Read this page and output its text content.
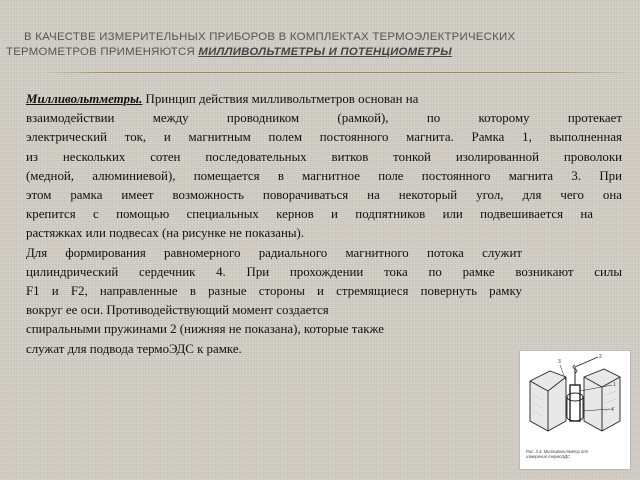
В КАЧЕСТВЕ ИЗМЕРИТЕЛЬНЫХ ПРИБОРОВ В КОМПЛЕКТАХ ТЕРМОЭЛЕКТРИЧЕСКИХ
ТЕРМОМЕТРОВ ПРИМЕНЯЮТСЯ МИЛЛИВОЛЬТМЕТРЫ И ПОТЕНЦИОМЕТРЫ
Милливольтметры. Принцип действия милливольтметров основан на
взаимодействии между проводником (рамкой), по которому протекает
электрический ток, и магнитным полем постоянного магнита. Рамка 1, выполненная
из нескольких сотен последовательных витков тонкой изолированной проволоки
(медной, алюминиевой), помещается в магнитное поле постоянного магнита 3. При
этом рамка имеет возможность поворачиваться на некоторый угол, для чего она
крепится с помощью специальных кернов и подпятников или подвешивается на
растяжках или подвесах (на рисунке не показаны).
Для формирования равномерного радиального магнитного потока служит
цилиндрический сердечник 4. При прохождении тока по рамке возникают силы
F1 и F2, направленные в разные стороны и стремящиеся повернуть рамку
вокруг ее оси. Противодействующий момент создается
спиральными пружинами 2 (нижняя не показана), которые также
служат для подвода термоЭДС к рамке.
1
3
4
2
Рис. 3.4. Милливольтметр для
измерения термоЭДС
